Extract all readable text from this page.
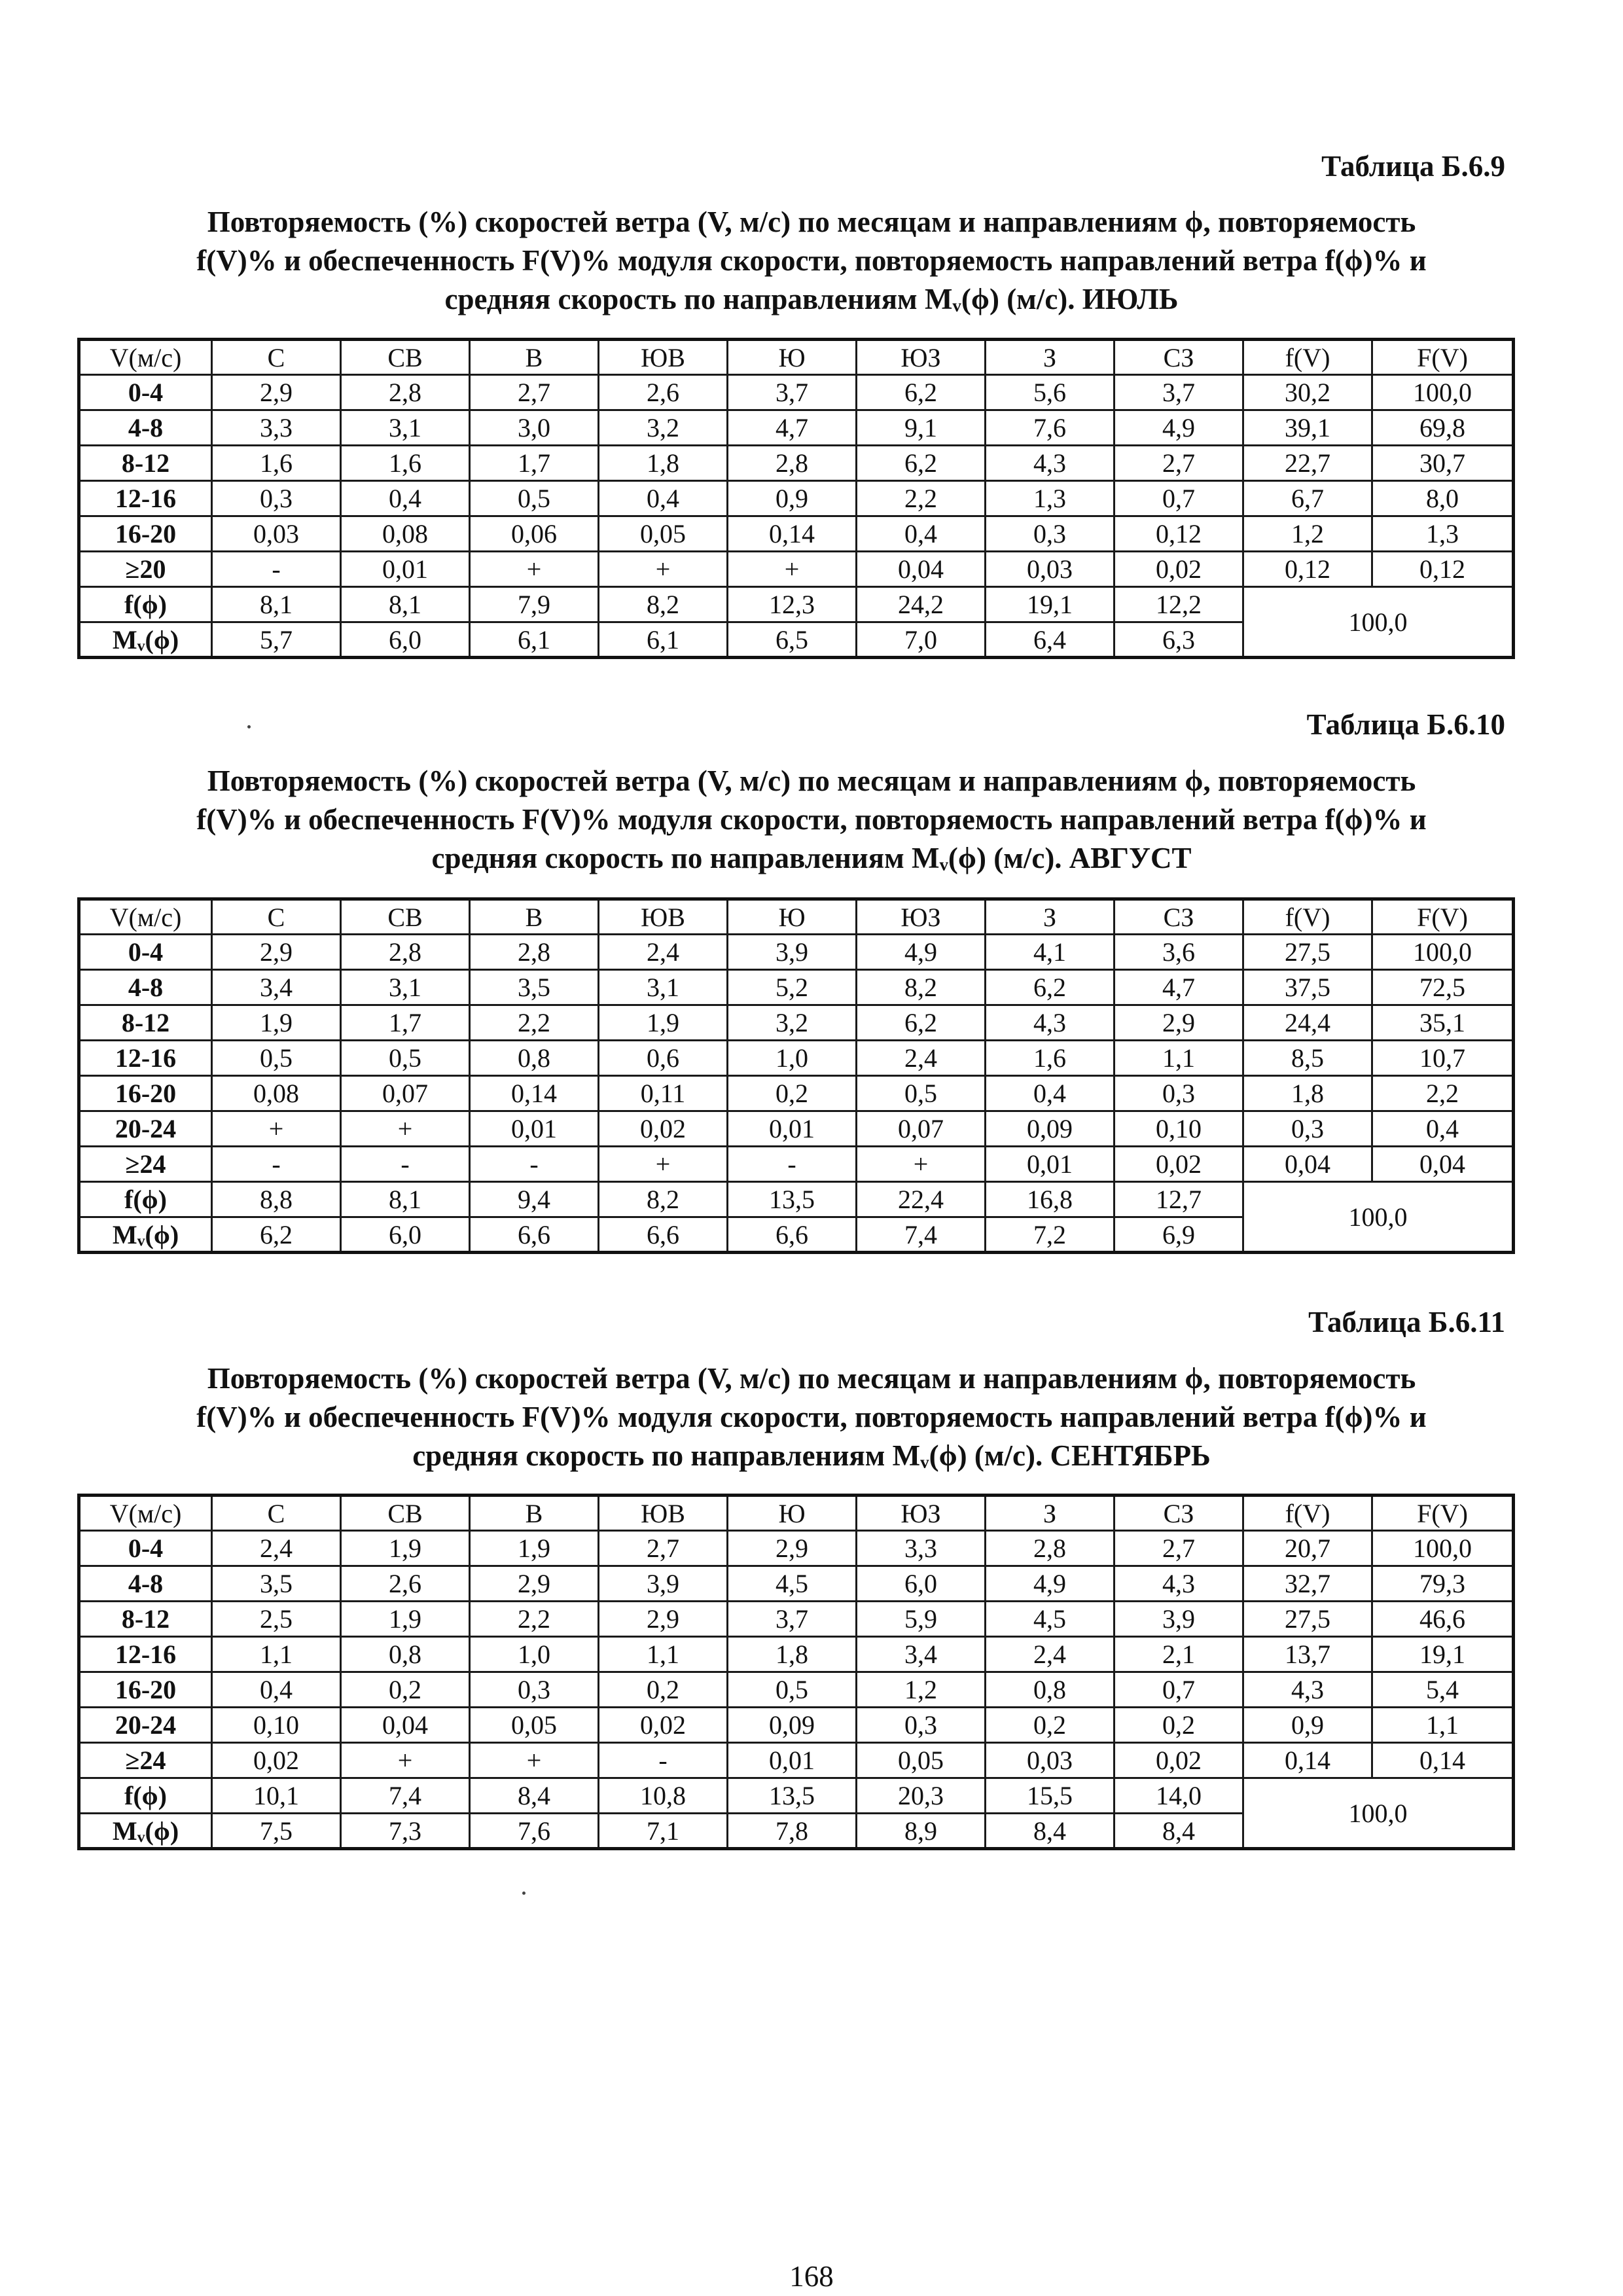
Таблица Б.6.9

Повторяемость (%) скоростей ветра (V, м/с) по месяцам и направлениям ϕ, повторяемость
f(V)% и обеспеченность F(V)% модуля скорости, повторяемость направлений ветра f(ϕ)% и
средняя скорость по направлениям Mᵥ(ϕ) (м/с). ИЮЛЬ
V(м/с)	С	СВ	В	ЮВ	Ю	ЮЗ	З	СЗ	f(V)	F(V)
0-4	2,9	2,8	2,7	2,6	3,7	6,2	5,6	3,7	30,2	100,0
4-8	3,3	3,1	3,0	3,2	4,7	9,1	7,6	4,9	39,1	69,8
8-12	1,6	1,6	1,7	1,8	2,8	6,2	4,3	2,7	22,7	30,7
12-16	0,3	0,4	0,5	0,4	0,9	2,2	1,3	0,7	6,7	8,0
16-20	0,03	0,08	0,06	0,05	0,14	0,4	0,3	0,12	1,2	1,3
≥20	-	0,01	+	+	+	0,04	0,03	0,02	0,12	0,12
f(ϕ)	8,1	8,1	7,9	8,2	12,3	24,2	19,1	12,2	100,0	
Mᵥ(ϕ)	5,7	6,0	6,1	6,1	6,5	7,0	6,4	6,3		

Таблица Б.6.10

Повторяемость (%) скоростей ветра (V, м/с) по месяцам и направлениям ϕ, повторяемость
f(V)% и обеспеченность F(V)% модуля скорости, повторяемость направлений ветра f(ϕ)% и
средняя скорость по направлениям Mᵥ(ϕ) (м/с). АВГУСТ
V(м/с)	С	СВ	В	ЮВ	Ю	ЮЗ	З	СЗ	f(V)	F(V)
0-4	2,9	2,8	2,8	2,4	3,9	4,9	4,1	3,6	27,5	100,0
4-8	3,4	3,1	3,5	3,1	5,2	8,2	6,2	4,7	37,5	72,5
8-12	1,9	1,7	2,2	1,9	3,2	6,2	4,3	2,9	24,4	35,1
12-16	0,5	0,5	0,8	0,6	1,0	2,4	1,6	1,1	8,5	10,7
16-20	0,08	0,07	0,14	0,11	0,2	0,5	0,4	0,3	1,8	2,2
20-24	+	+	0,01	0,02	0,01	0,07	0,09	0,10	0,3	0,4
≥24	-	-	-	+	-	+	0,01	0,02	0,04	0,04
f(ϕ)	8,8	8,1	9,4	8,2	13,5	22,4	16,8	12,7	100,0	
Mᵥ(ϕ)	6,2	6,0	6,6	6,6	6,6	7,4	7,2	6,9		

Таблица Б.6.11

Повторяемость (%) скоростей ветра (V, м/с) по месяцам и направлениям ϕ, повторяемость
f(V)% и обеспеченность F(V)% модуля скорости, повторяемость направлений ветра f(ϕ)% и
средняя скорость по направлениям Mᵥ(ϕ) (м/с). СЕНТЯБРЬ
V(м/с)	С	СВ	В	ЮВ	Ю	ЮЗ	З	СЗ	f(V)	F(V)
0-4	2,4	1,9	1,9	2,7	2,9	3,3	2,8	2,7	20,7	100,0
4-8	3,5	2,6	2,9	3,9	4,5	6,0	4,9	4,3	32,7	79,3
8-12	2,5	1,9	2,2	2,9	3,7	5,9	4,5	3,9	27,5	46,6
12-16	1,1	0,8	1,0	1,1	1,8	3,4	2,4	2,1	13,7	19,1
16-20	0,4	0,2	0,3	0,2	0,5	1,2	0,8	0,7	4,3	5,4
20-24	0,10	0,04	0,05	0,02	0,09	0,3	0,2	0,2	0,9	1,1
≥24	0,02	+	+	-	0,01	0,05	0,03	0,02	0,14	0,14
f(ϕ)	10,1	7,4	8,4	10,8	13,5	20,3	15,5	14,0	100,0	
Mᵥ(ϕ)	7,5	7,3	7,6	7,1	7,8	8,9	8,4	8,4		

168
